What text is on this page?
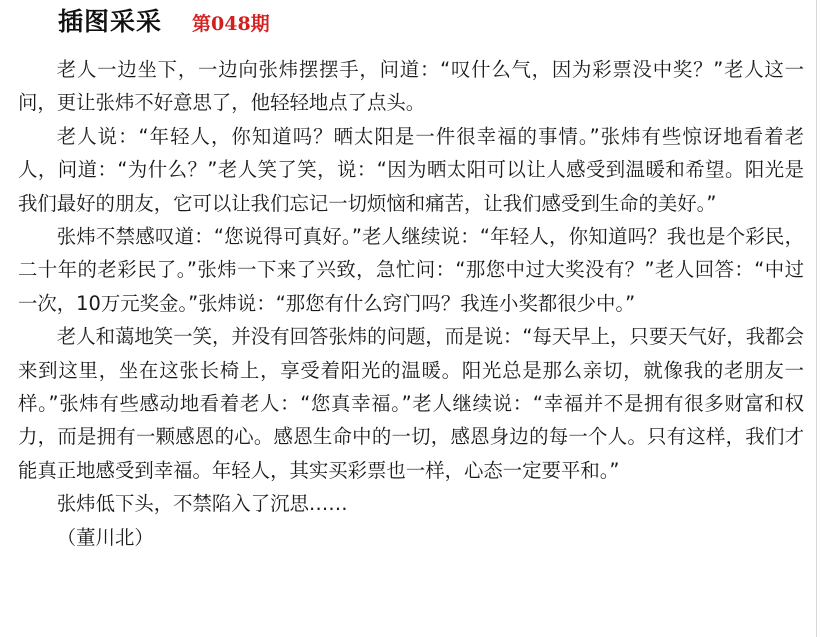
插图采采 第048期

老人一边坐下，一边向张炜摆摆手，问道：“叹什么气，因为彩票没中奖？”老人这一问，更让张炜不好意思了，他轻轻地点了点头。

老人说：“年轻人，你知道吗？晒太阳是一件很幸福的事情。”张炜有些惊讶地看着老人，问道：“为什么？”老人笑了笑，说：“因为晒太阳可以让人感受到温暖和希望。阳光是我们最好的朋友，它可以让我们忘记一切烦恼和痛苦，让我们感受到生命的美好。”

张炜不禁感叹道：“您说得可真好。”老人继续说：“年轻人，你知道吗？我也是个彩民，二十年的老彩民了。”张炜一下来了兴致，急忙问：“那您中过大奖没有？”老人回答：“中过一次，10万元奖金。”张炜说：“那您有什么窍门吗？我连小奖都很少中。”

老人和蔼地笑一笑，并没有回答张炜的问题，而是说：“每天早上，只要天气好，我都会来到这里，坐在这张长椅上，享受着阳光的温暖。阳光总是那么亲切，就像我的老朋友一样。”张炜有些感动地看着老人：“您真幸福。”老人继续说：“幸福并不是拥有很多财富和权力，而是拥有一颗感恩的心。感恩生命中的一切，感恩身边的每一个人。只有这样，我们才能真正地感受到幸福。年轻人，其实买彩票也一样，心态一定要平和。”

张炜低下头，不禁陷入了沉思……

（董川北）
